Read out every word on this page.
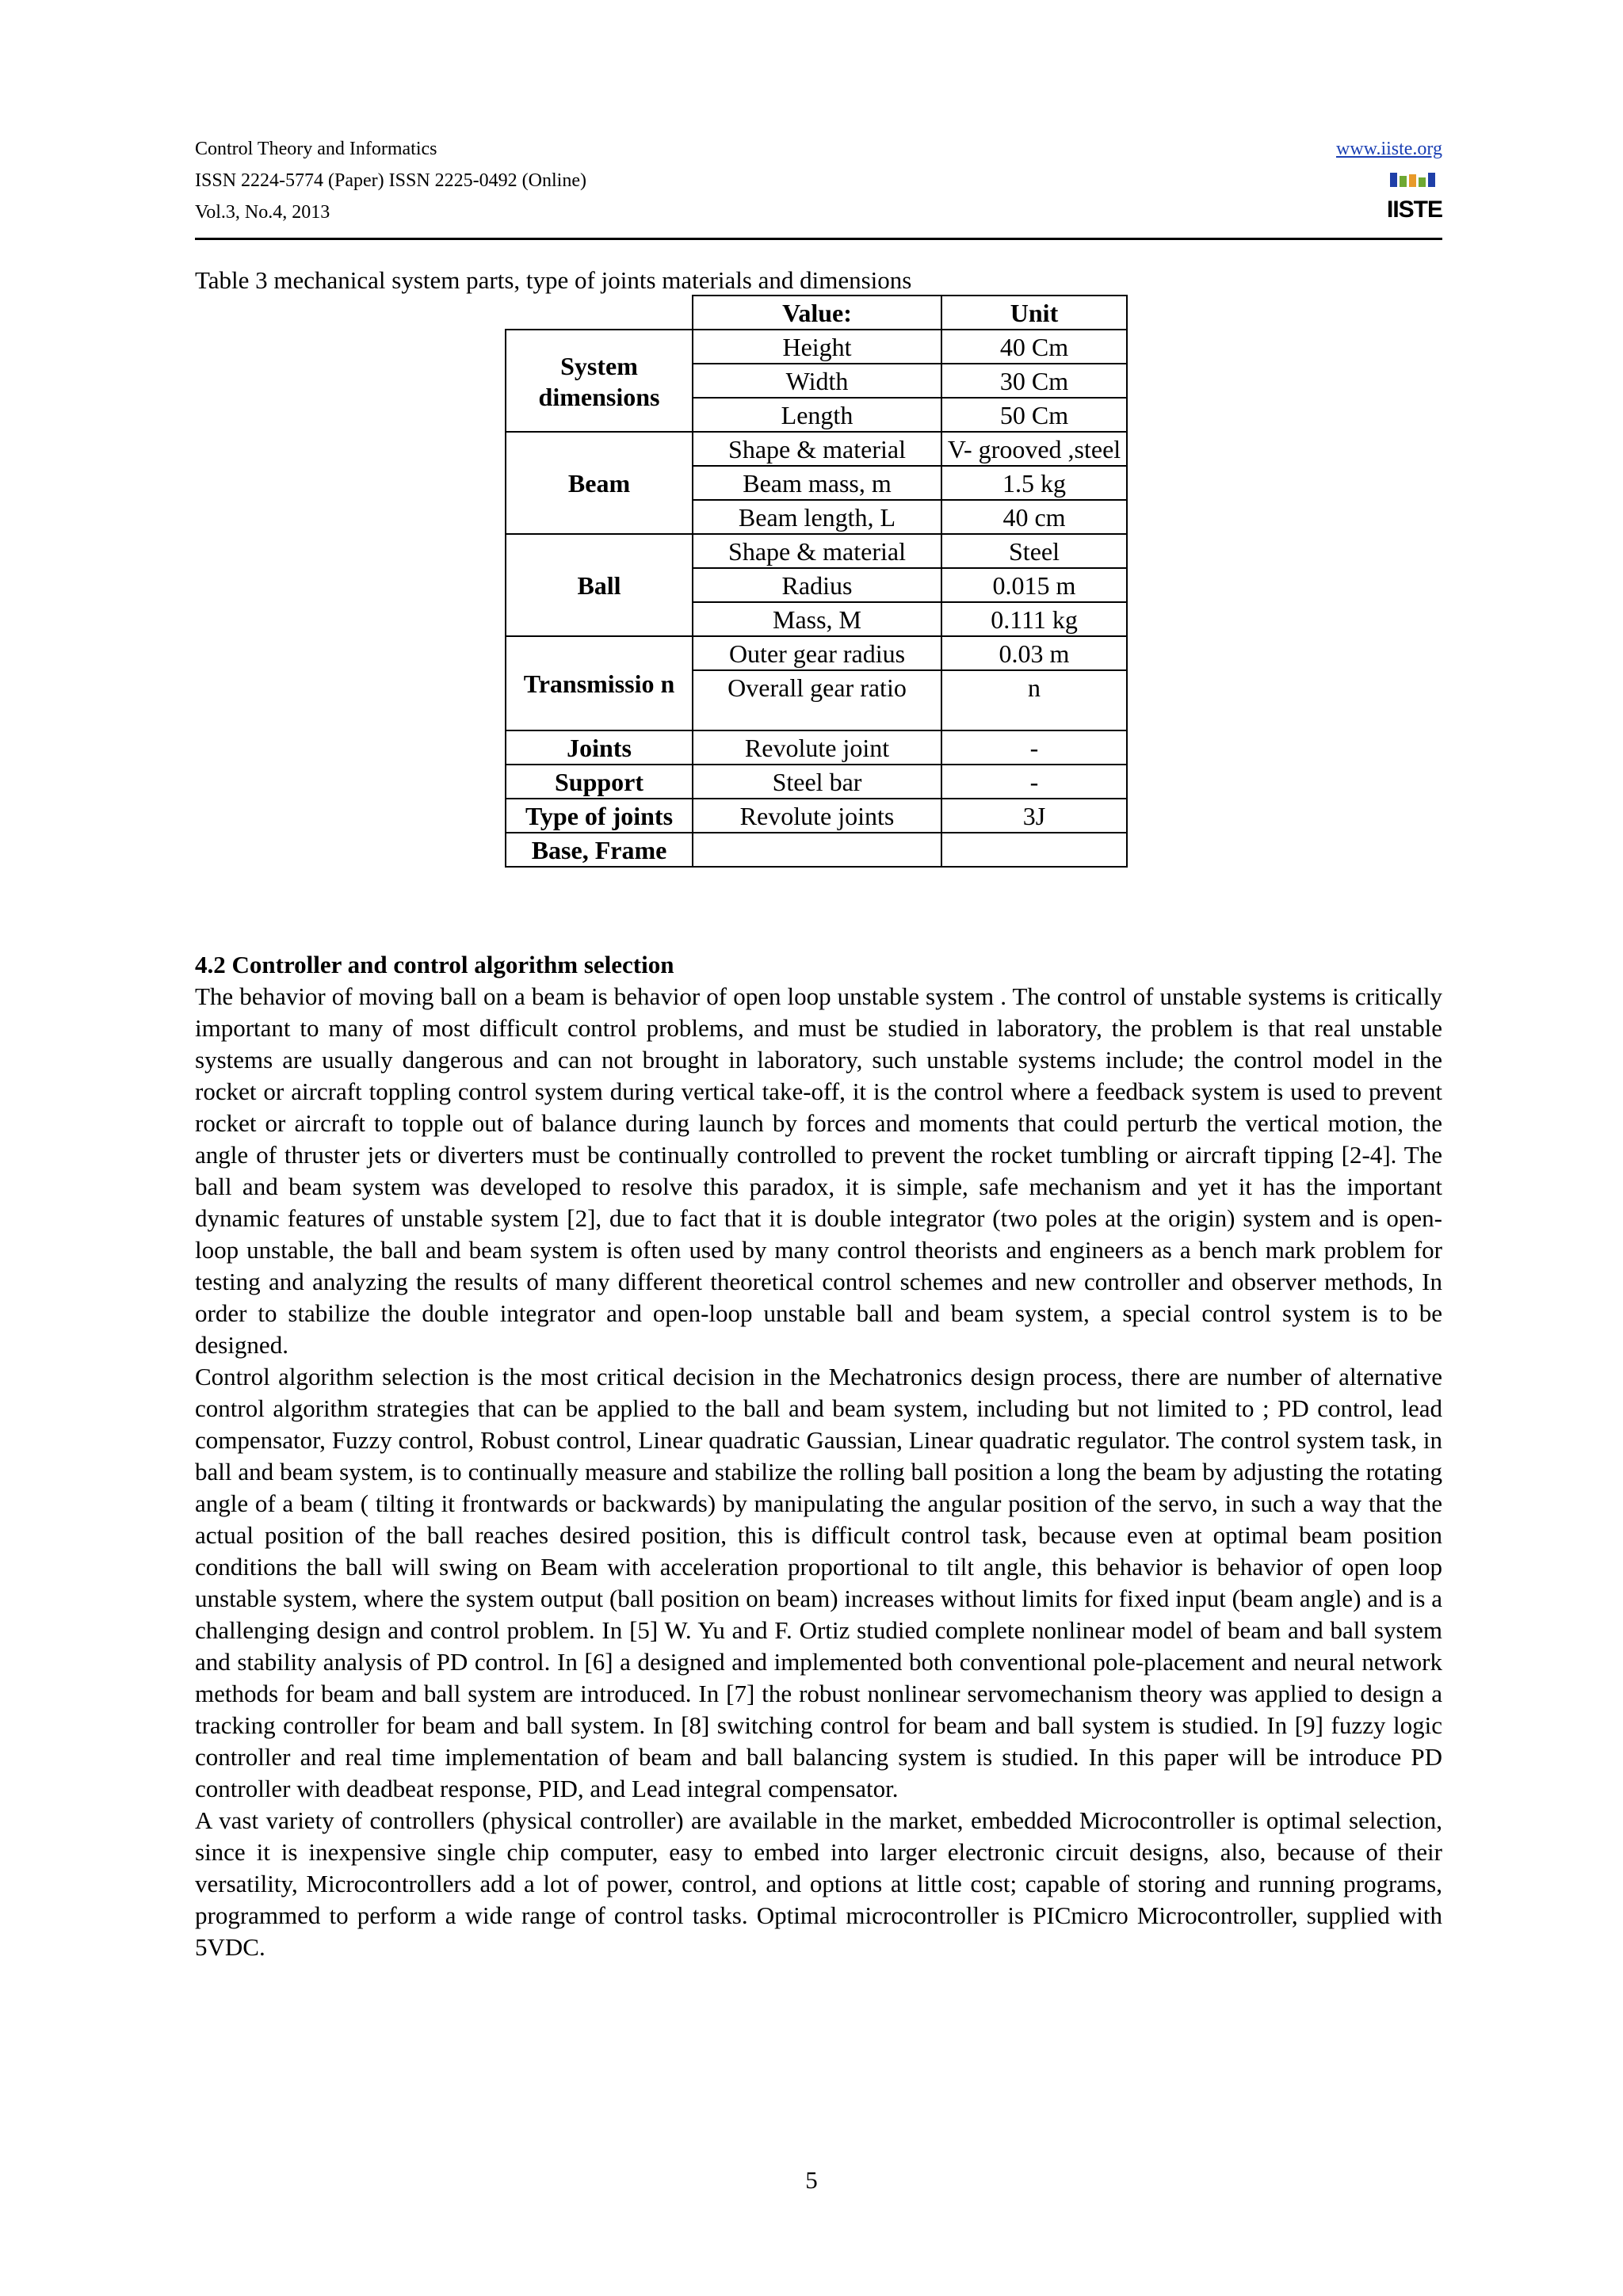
Control Theory and Informatics
ISSN 2224-5774 (Paper) ISSN 2225-0492 (Online)
Vol.3, No.4, 2013
www.iiste.org
IISTE
Table 3 mechanical system parts, type of joints materials and dimensions
	Value:	Unit
System dimensions	Height	40 Cm
	Width	30 Cm
	Length	50 Cm
Beam	Shape & material	V- grooved ,steel
	Beam mass, m	1.5 kg
	Beam length, L	40 cm
Ball	Shape & material	Steel
	Radius	0.015 m
	Mass, M	0.111 kg
Transmissio n	Outer gear radius	0.03 m
	Overall gear ratio	n
Joints	Revolute joint	-
Support	Steel bar	-
Type of joints	Revolute joints	3J
Base, Frame		
4.2 Controller and control algorithm selection

The behavior of moving ball on a beam is behavior of open loop unstable system . The control of unstable systems is critically important to many of most difficult control problems, and must be studied in laboratory, the problem is that real unstable systems are usually dangerous and can not brought in laboratory, such unstable systems include; the control model in the rocket or aircraft toppling control system during vertical take-off, it is the control where a feedback system is used to prevent rocket or aircraft to topple out of balance during launch by forces and moments that could perturb the vertical motion, the angle of thruster jets or diverters must be continually controlled to prevent the rocket tumbling or aircraft tipping [2-4]. The ball and beam system was developed to resolve this paradox, it is simple, safe mechanism and yet it has the important dynamic features of unstable system [2], due to fact that it is double integrator (two poles at the origin) system and is open-loop unstable, the ball and beam system is often used by many control theorists and engineers as a bench mark problem for testing and analyzing the results of many different theoretical control schemes and new controller and observer methods, In order to stabilize the double integrator and open-loop unstable ball and beam system, a special control system is to be designed.

Control algorithm selection is the most critical decision in the Mechatronics design process, there are number of alternative control algorithm strategies that can be applied to the ball and beam system, including but not limited to ; PD control, lead compensator, Fuzzy control, Robust control, Linear quadratic Gaussian, Linear quadratic regulator. The control system task, in ball and beam system, is to continually measure and stabilize the rolling ball position a long the beam by adjusting the rotating angle of a beam ( tilting it frontwards or backwards) by manipulating the angular position of the servo, in such a way that the actual position of the ball reaches desired position, this is difficult control task, because even at optimal beam position conditions the ball will swing on Beam with acceleration proportional to tilt angle, this behavior is behavior of open loop unstable system, where the system output (ball position on beam) increases without limits for fixed input (beam angle) and is a challenging design and control problem. In [5] W. Yu and F. Ortiz studied complete nonlinear model of beam and ball system and stability analysis of PD control. In [6] a designed and implemented both conventional pole-placement and neural network methods for beam and ball system are introduced. In [7] the robust nonlinear servomechanism theory was applied to design a tracking controller for beam and ball system. In [8] switching control for beam and ball system is studied. In [9] fuzzy logic controller and real time implementation of beam and ball balancing system is studied. In this paper will be introduce PD controller with deadbeat response, PID, and Lead integral compensator.

A vast variety of controllers (physical controller) are available in the market, embedded Microcontroller is optimal selection, since it is inexpensive single chip computer, easy to embed into larger electronic circuit designs, also, because of their versatility, Microcontrollers add a lot of power, control, and options at little cost; capable of storing and running programs, programmed to perform a wide range of control tasks. Optimal microcontroller is PICmicro Microcontroller, supplied with 5VDC.

5
